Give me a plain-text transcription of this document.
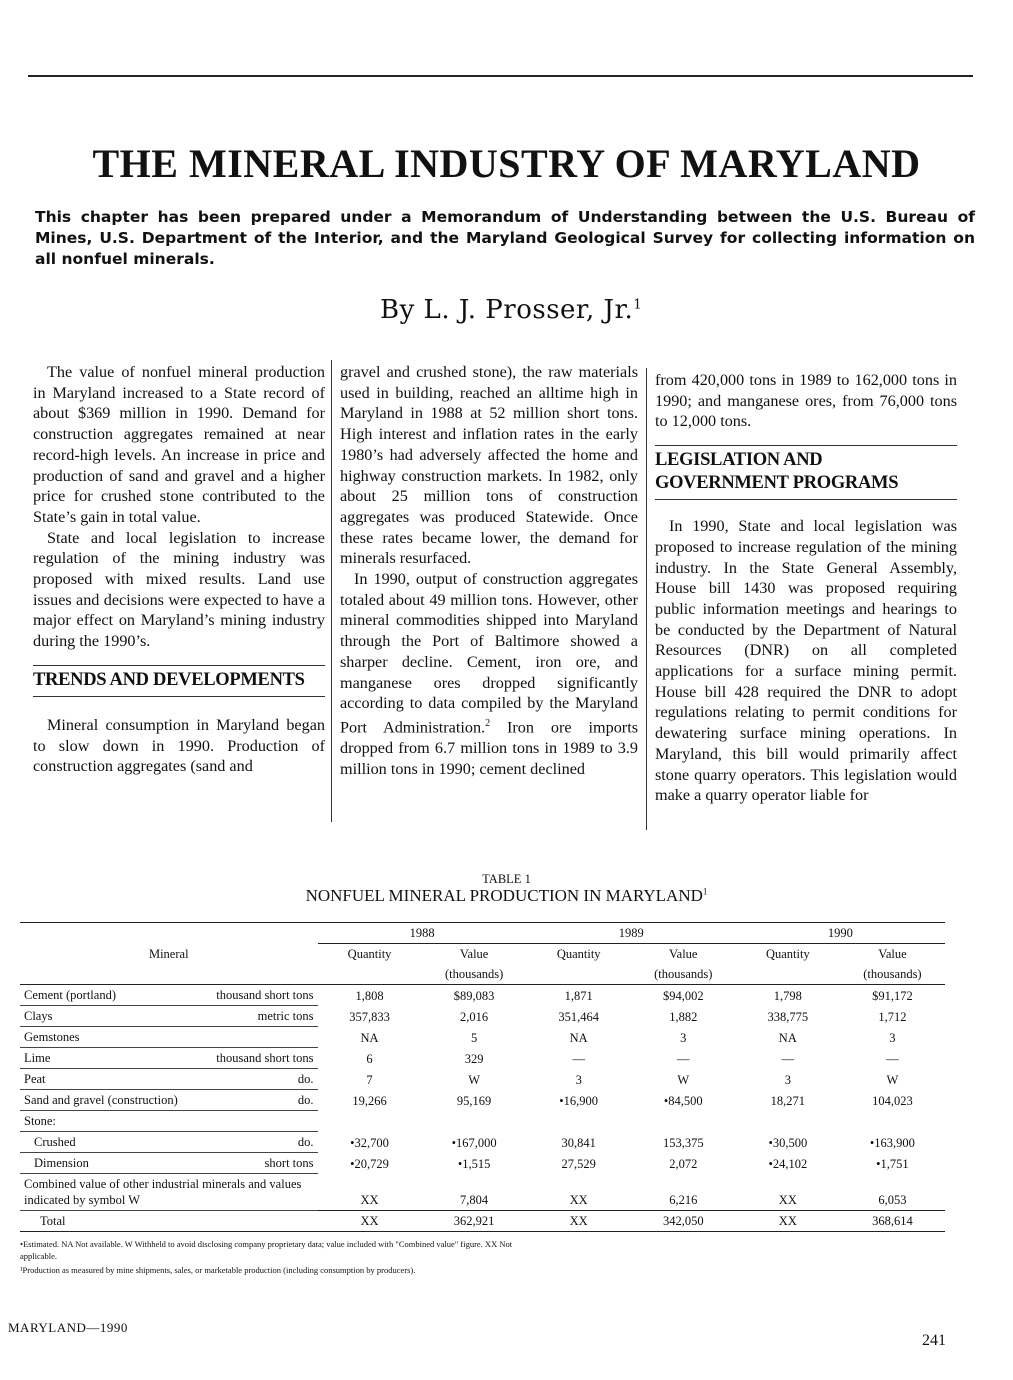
THE MINERAL INDUSTRY OF MARYLAND
This chapter has been prepared under a Memorandum of Understanding between the U.S. Bureau of Mines, U.S. Department of the Interior, and the Maryland Geological Survey for collecting information on all nonfuel minerals.
By L. J. Prosser, Jr.$^1$

The value of nonfuel mineral production in Maryland increased to a State record of about $369 million in 1990. Demand for construction aggregates remained at near record-high levels. An increase in price and production of sand and gravel and a higher price for crushed stone contributed to the State’s gain in total value.

State and local legislation to increase regulation of the mining industry was proposed with mixed results. Land use issues and decisions were expected to have a major effect on Maryland’s mining industry during the 1990’s.

TRENDS AND DEVELOPMENTS

Mineral consumption in Maryland began to slow down in 1990. Production of construction aggregates (sand and

gravel and crushed stone), the raw materials used in building, reached an alltime high in Maryland in 1988 at 52 million short tons. High interest and inflation rates in the early 1980’s had adversely affected the home and highway construction markets. In 1982, only about 25 million tons of construction aggregates was produced Statewide. Once these rates became lower, the demand for minerals resurfaced.

In 1990, output of construction aggregates totaled about 49 million tons. However, other mineral commodities shipped into Maryland through the Port of Baltimore showed a sharper decline. Cement, iron ore, and manganese ores dropped significantly according to data compiled by the Maryland Port Administration.$^2$ Iron ore imports dropped from 6.7 million tons in 1989 to 3.9 million tons in 1990; cement declined

from 420,000 tons in 1989 to 162,000 tons in 1990; and manganese ores, from 76,000 tons to 12,000 tons.

LEGISLATION AND GOVERNMENT PROGRAMS

In 1990, State and local legislation was proposed to increase regulation of the mining industry. In the State General Assembly, House bill 1430 was proposed requiring public information meetings and hearings to be conducted by the Department of Natural Resources (DNR) on all completed applications for a surface mining permit. House bill 428 required the DNR to adopt regulations relating to permit conditions for dewatering surface mining operations. In Maryland, this bill would primarily affect stone quarry operators. This legislation would make a quarry operator liable for

TABLE 1
NONFUEL MINERAL PRODUCTION IN MARYLAND$^1$
Mineral	1988		1989		1990	
	Quantity	Value	Quantity	Value	Quantity	Value
		(thousands)		(thousands)		(thousands)
Cement (portland) thousand short tons	1,808	$89,083	1,871	$94,002	1,798	$91,172
Clays metric tons	357,833	2,016	351,464	1,882	338,775	1,712
Gemstones	NA	5	NA	3	NA	3
Lime thousand short tons	6	329	—	—	—	—
Peat do.	7	W	3	W	3	W
Sand and gravel (construction) do.	19,266	95,169	•16,900	•84,500	18,271	104,023
Stone:

Crushed do.	•32,700	•167,000	30,841	153,375	•30,500	•163,900
Dimension short tons	•20,729	•1,515	27,529	2,072	•24,102	•1,751
Combined value of other industrial minerals and values indicated by symbol W	XX	7,804	XX	6,216	XX	6,053
Total	XX	362,921	XX	342,050	XX	368,614

•Estimated. NA Not available. W Withheld to avoid disclosing company proprietary data; value included with "Combined value" figure. XX Not applicable.

¹Production as measured by mine shipments, sales, or marketable production (including consumption by producers).

MARYLAND—1990
241
